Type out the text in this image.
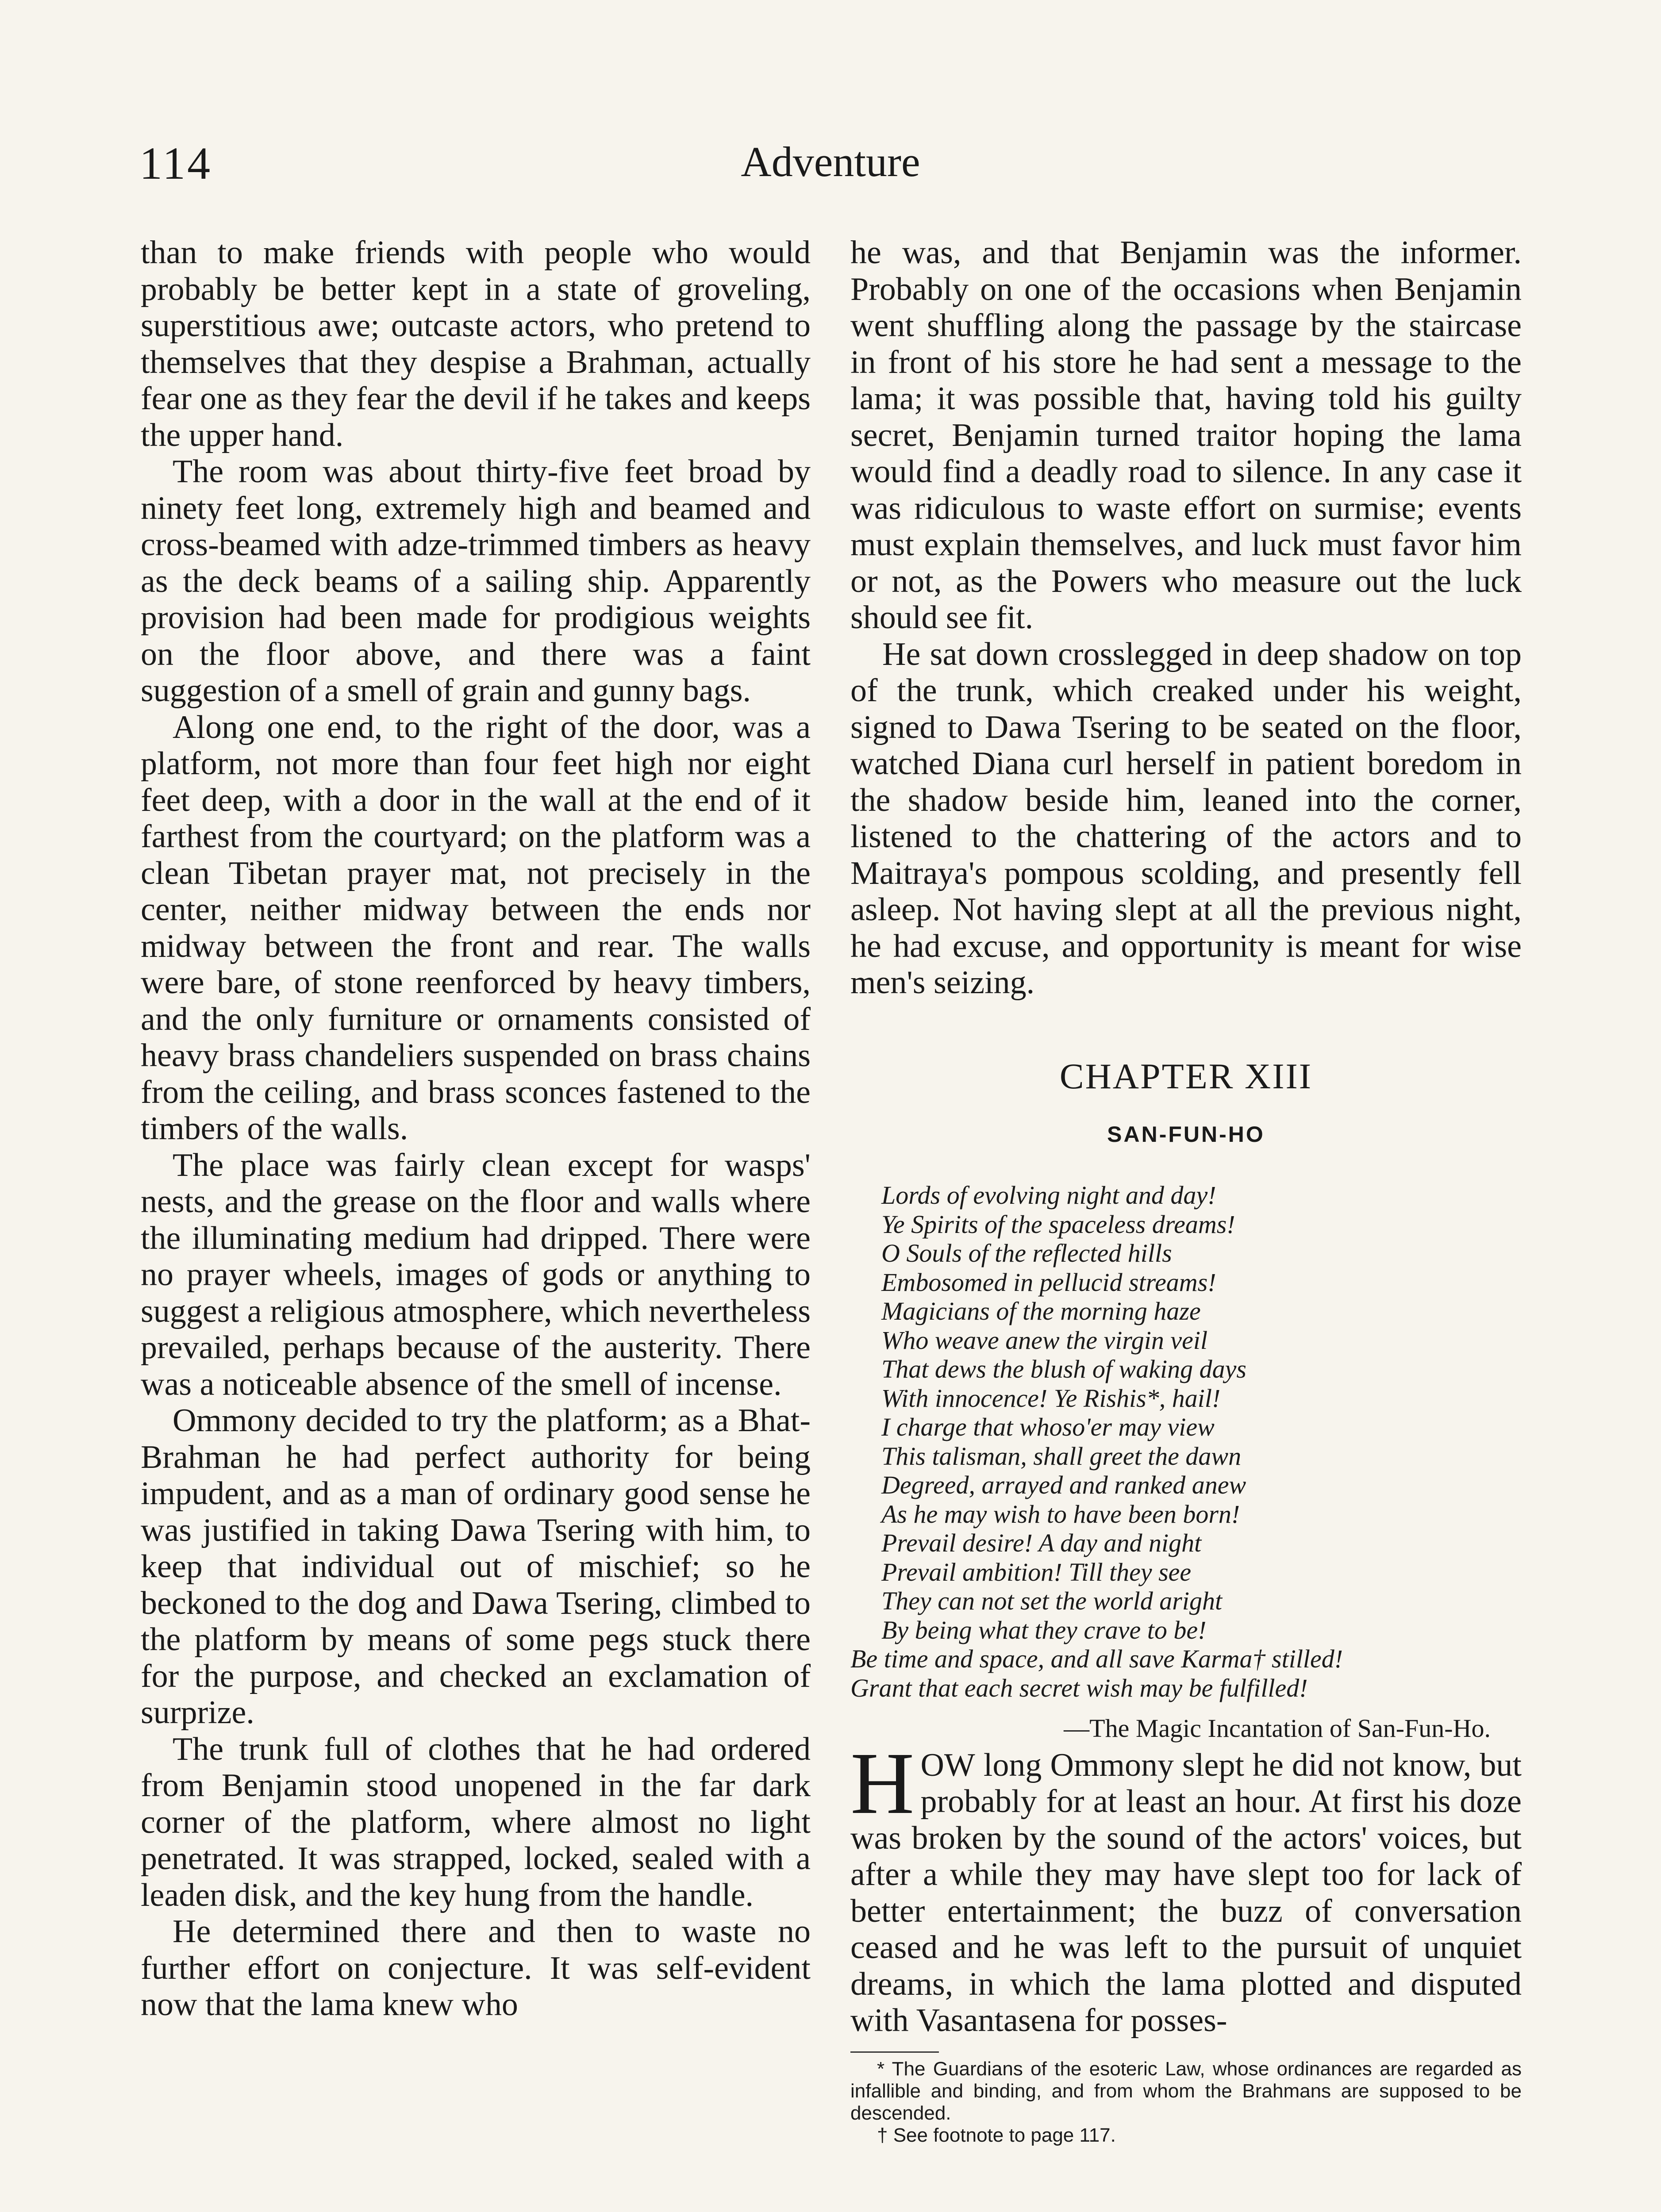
114	Adventure

than to make friends with people who would probably be better kept in a state of groveling, superstitious awe; outcaste actors, who pretend to themselves that they despise a Brahman, actually fear one as they fear the devil if he takes and keeps the upper hand.

The room was about thirty-five feet broad by ninety feet long, extremely high and beamed and cross-beamed with adze-trimmed timbers as heavy as the deck beams of a sailing ship. Apparently provision had been made for prodigious weights on the floor above, and there was a faint suggestion of a smell of grain and gunny bags.

Along one end, to the right of the door, was a platform, not more than four feet high nor eight feet deep, with a door in the wall at the end of it farthest from the courtyard; on the platform was a clean Tibetan prayer mat, not precisely in the center, neither midway between the ends nor midway between the front and rear. The walls were bare, of stone reenforced by heavy timbers, and the only furniture or ornaments consisted of heavy brass chandeliers suspended on brass chains from the ceiling, and brass sconces fastened to the timbers of the walls.

The place was fairly clean except for wasps' nests, and the grease on the floor and walls where the illuminating medium had dripped. There were no prayer wheels, images of gods or anything to suggest a religious atmosphere, which nevertheless prevailed, perhaps because of the austerity. There was a noticeable absence of the smell of incense.

Ommony decided to try the platform; as a Bhat-Brahman he had perfect authority for being impudent, and as a man of ordinary good sense he was justified in taking Dawa Tsering with him, to keep that individual out of mischief; so he beckoned to the dog and Dawa Tsering, climbed to the platform by means of some pegs stuck there for the purpose, and checked an exclamation of surprize.

The trunk full of clothes that he had ordered from Benjamin stood unopened in the far dark corner of the platform, where almost no light penetrated. It was strapped, locked, sealed with a leaden disk, and the key hung from the handle.

He determined there and then to waste no further effort on conjecture. It was self-evident now that the lama knew who

he was, and that Benjamin was the informer. Probably on one of the occasions when Benjamin went shuffling along the passage by the staircase in front of his store he had sent a message to the lama; it was possible that, having told his guilty secret, Benjamin turned traitor hoping the lama would find a deadly road to silence. In any case it was ridiculous to waste effort on surmise; events must explain themselves, and luck must favor him or not, as the Powers who measure out the luck should see fit.

He sat down crosslegged in deep shadow on top of the trunk, which creaked under his weight, signed to Dawa Tsering to be seated on the floor, watched Diana curl herself in patient boredom in the shadow beside him, leaned into the corner, listened to the chattering of the actors and to Maitraya's pompous scolding, and presently fell asleep. Not having slept at all the previous night, he had excuse, and opportunity is meant for wise men's seizing.

CHAPTER XIII
SAN-FUN-HO
Lords of evolving night and day!
Ye Spirits of the spaceless dreams!
O Souls of the reflected hills
Embosomed in pellucid streams!
Magicians of the morning haze
Who weave anew the virgin veil
That dews the blush of waking days
With innocence! Ye Rishis*, hail!
I charge that whoso'er may view
This talisman, shall greet the dawn
Degreed, arrayed and ranked anew
As he may wish to have been born!
Prevail desire! A day and night
Prevail ambition! Till they see
They can not set the world aright
By being what they crave to be!
Be time and space, and all save Karma† stilled!
Grant that each secret wish may be fulfilled!
—The Magic Incantation of San-Fun-Ho.

HOW long Ommony slept he did not know, but probably for at least an hour. At first his doze was broken by the sound of the actors' voices, but after a while they may have slept too for lack of better entertainment; the buzz of conversation ceased and he was left to the pursuit of unquiet dreams, in which the lama plotted and disputed with Vasantasena for posses-

* The Guardians of the esoteric Law, whose ordinances are regarded as infallible and binding, and from whom the Brahmans are supposed to be descended.
† See footnote to page 117.
